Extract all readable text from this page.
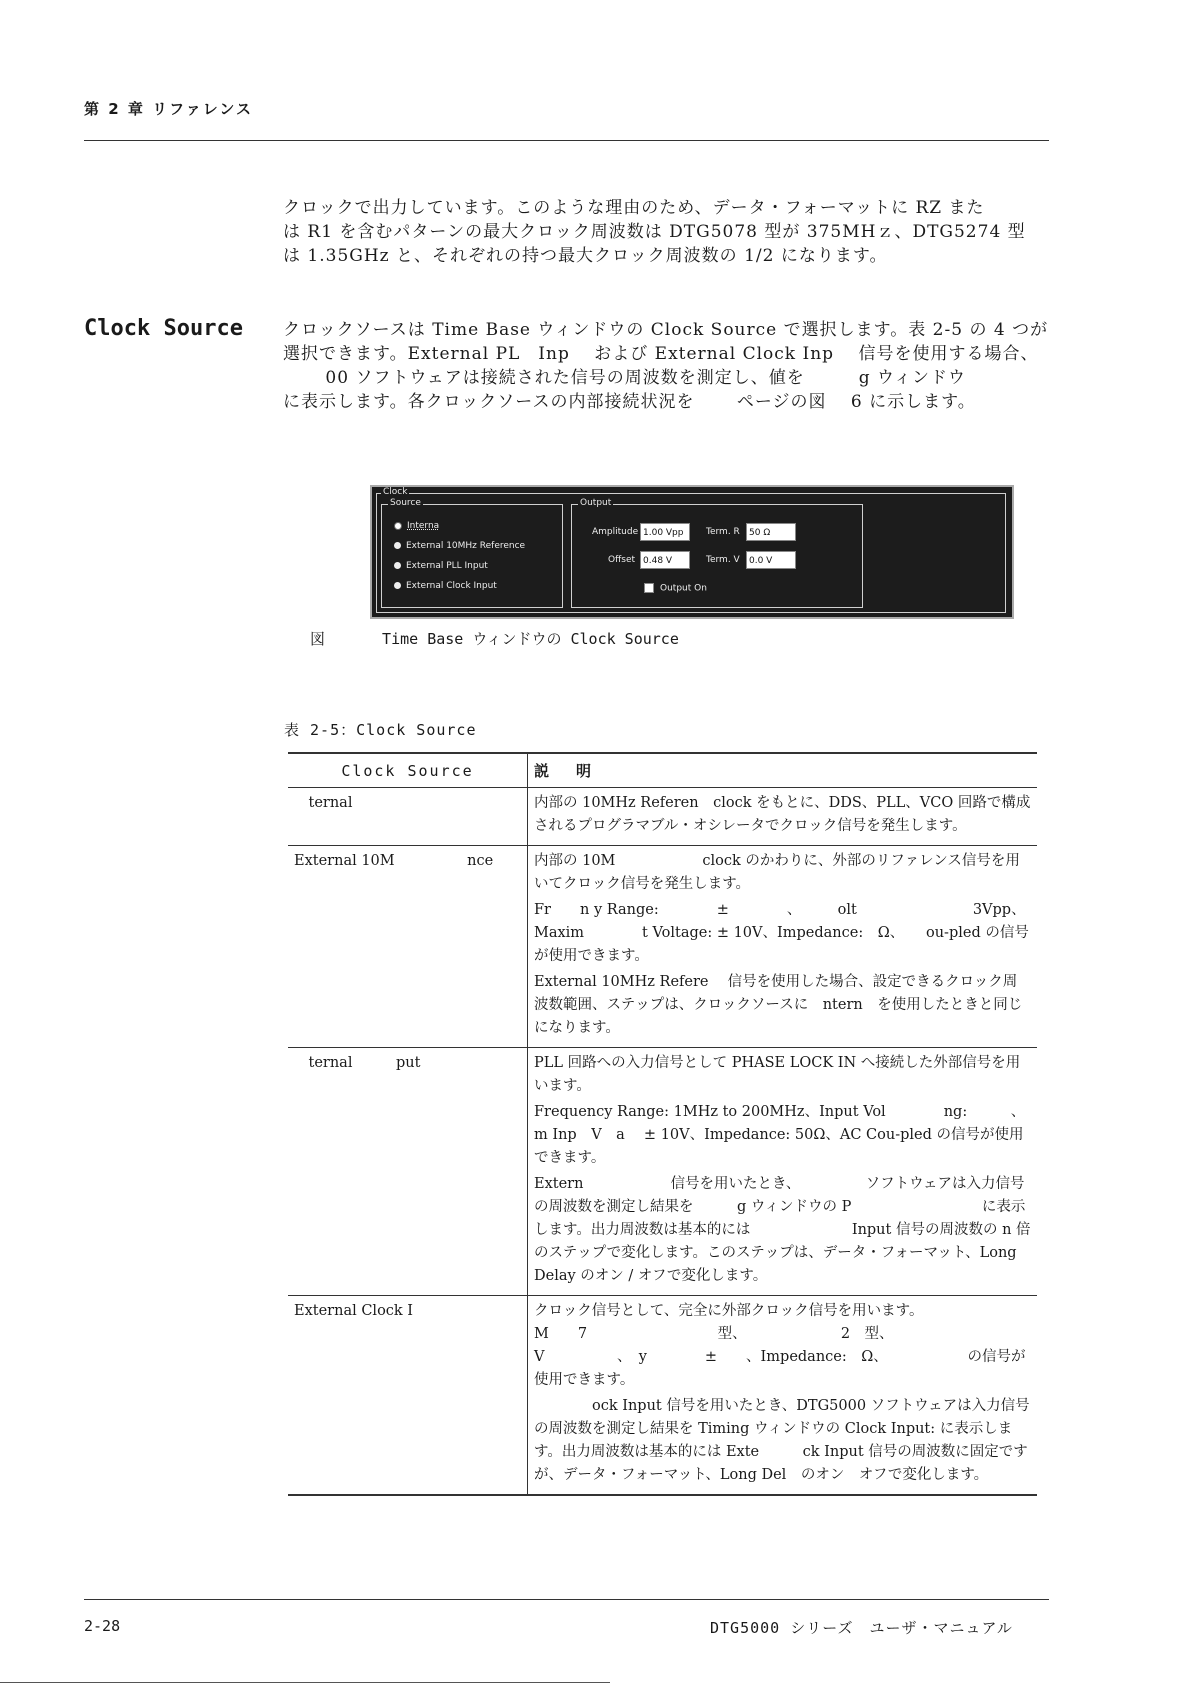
第 2 章 リファレンス

クロックで出力しています。このような理由のため、データ・フォーマットに RZ また

は R1 を含むパターンの最大クロック周波数は DTG5078 型が 375MHｚ、DTG5274 型

は 1.35GHz と、それぞれの持つ最大クロック周波数の 1/2 になります。

Clock Source クロックソースは Time Base ウィンドウの Clock Source で選択します。表 2-5 の 4 つが

選択できます。External PL　Inp　 および External Clock Inp　 信号を使用する場合、

　　 00 ソフトウェアは接続された信号の周波数を測定し、値を　　　g ウィンドウ

に表示します。各クロックソースの内部接続状況を　　 ページの図　 6 に示します。

Clock
Source
Interna
External 10MHz Reference
External PLL Input
External Clock Input
Output
Amplitude 1.00 Vpp	Term. R	50 Ω
Offset 0.48 V	Term. V	0.0 V
Output On
図	Time Base ウィンドウの Clock Source
表 2-5：Clock Source
Clock Source	説　明
　ternal	内部の 10MHz Referen　clock をもとに、DDS、PLL、VCO 回路で構成されるプログラマブル・オシレータでクロック信号を発生します。

External 10M　　　　　nce	内部の 10M　　　　　　clock のかわりに、外部のリファレンス信号を用いてクロック信号を発生します。

Fr　　n y Range:　　　　±　　　　、　　　olt　　　　　　　　3Vpp、Maxim　　　　t Voltage: ± 10V、Impedance:　Ω、　　ou-pled の信号が使用できます。

External 10MHz Refere　 信号を使用した場合、設定できるクロック周波数範囲、ステップは、クロックソースに　ntern　を使用したときと同じになります。

　ternal　　　put	PLL 回路への入力信号として PHASE LOCK IN へ接続した外部信号を用います。

Frequency Range: 1MHz to 200MHz、Input Vol　　　　ng:　　　、　　　 m Inp　V　a　 ± 10V、Impedance: 50Ω、AC Cou-pled の信号が使用できます。

Extern　　　　　　信号を用いたとき、　　　　　ソフトウェアは入力信号の周波数を測定し結果を　　　g ウィンドウの P　　　　　　　　　に表示します。出力周波数は基本的には　　　　　　　Input 信号の周波数の n 倍のステップで変化します。このステップは、データ・フォーマット、Long Delay のオン / オフで変化します。

External Clock I	クロック信号として、完全に外部クロック信号を用います。　　　　　　　M　　7　　　　　　　　　型、　　　　　　　2　型、　　　　　　　　　　　V　　　　　、　y　　　　±　　、Impedance:　Ω、　　　　　　の信号が使用できます。

　　　　ock Input 信号を用いたとき、DTG5000 ソフトウェアは入力信号の周波数を測定し結果を Timing ウィンドウの Clock Input: に表示します。出力周波数は基本的には Exte　　　ck Input 信号の周波数に固定ですが、データ・フォーマット、Long Del　のオン　オフで変化します。

2-28	DTG5000 シリーズ　ユーザ・マニュアル
